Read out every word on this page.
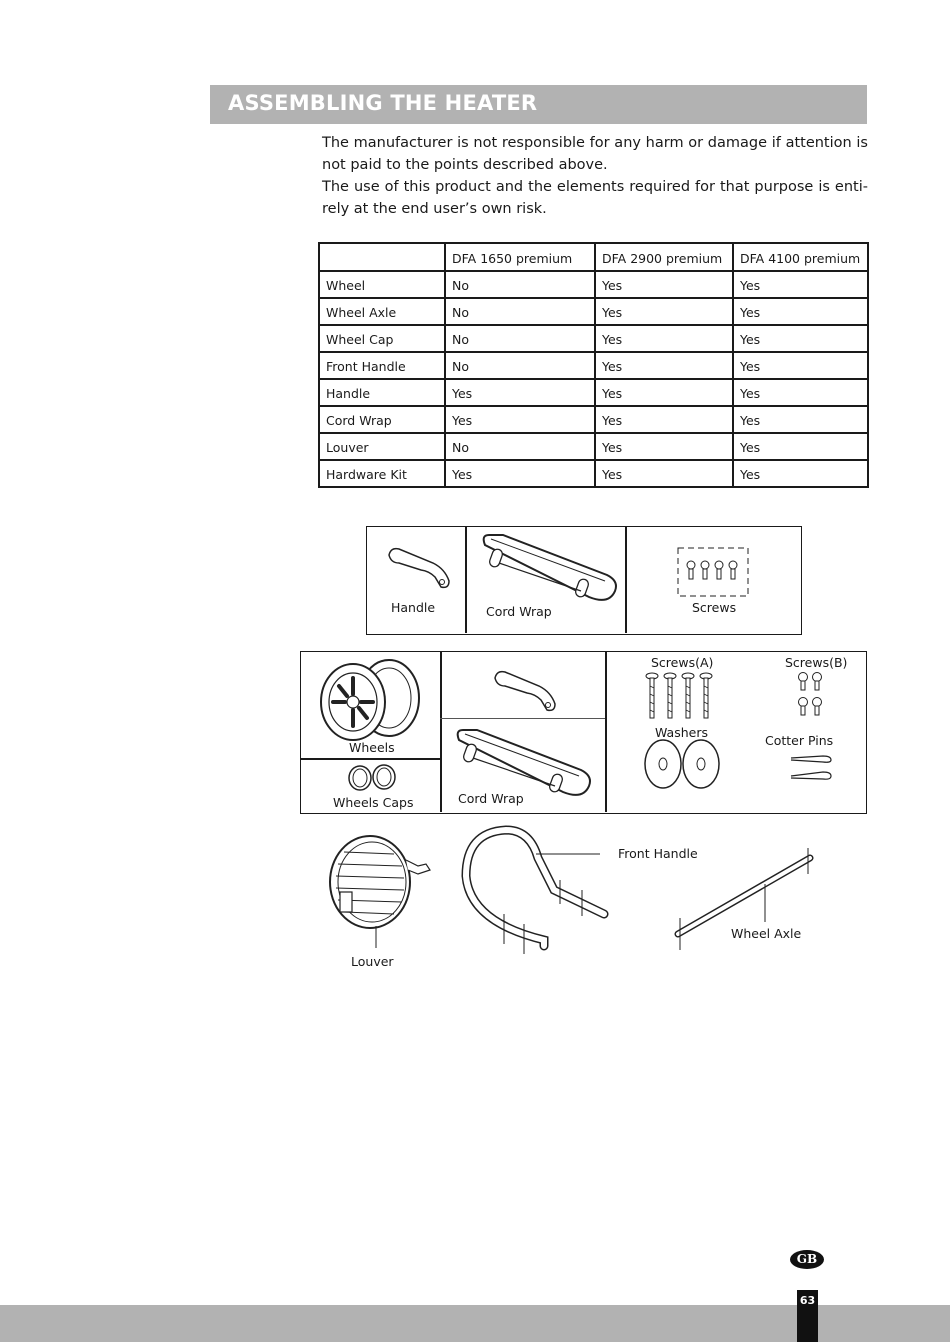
ASSEMBLING THE HEATER

The manufacturer is not responsible for any harm or damage if attention is not paid to the points described above.

The use of this product and the elements required for that purpose is entirely at the end user’s own risk.

	DFA 1650 premium	DFA 2900 premium	DFA 4100 premium
Wheel	No	Yes	Yes
Wheel Axle	No	Yes	Yes
Wheel Cap	No	Yes	Yes
Front Handle	No	Yes	Yes
Handle	Yes	Yes	Yes
Cord Wrap	Yes	Yes	Yes
Louver	No	Yes	Yes
Hardware Kit	Yes	Yes	Yes
Handle	Cord Wrap	Screws
Wheels
Wheels Caps	Cord Wrap
Screws(A)	Screws(B)
Washers
Cotter Pins
Louver
Front Handle
Wheel Axle
GB
63
